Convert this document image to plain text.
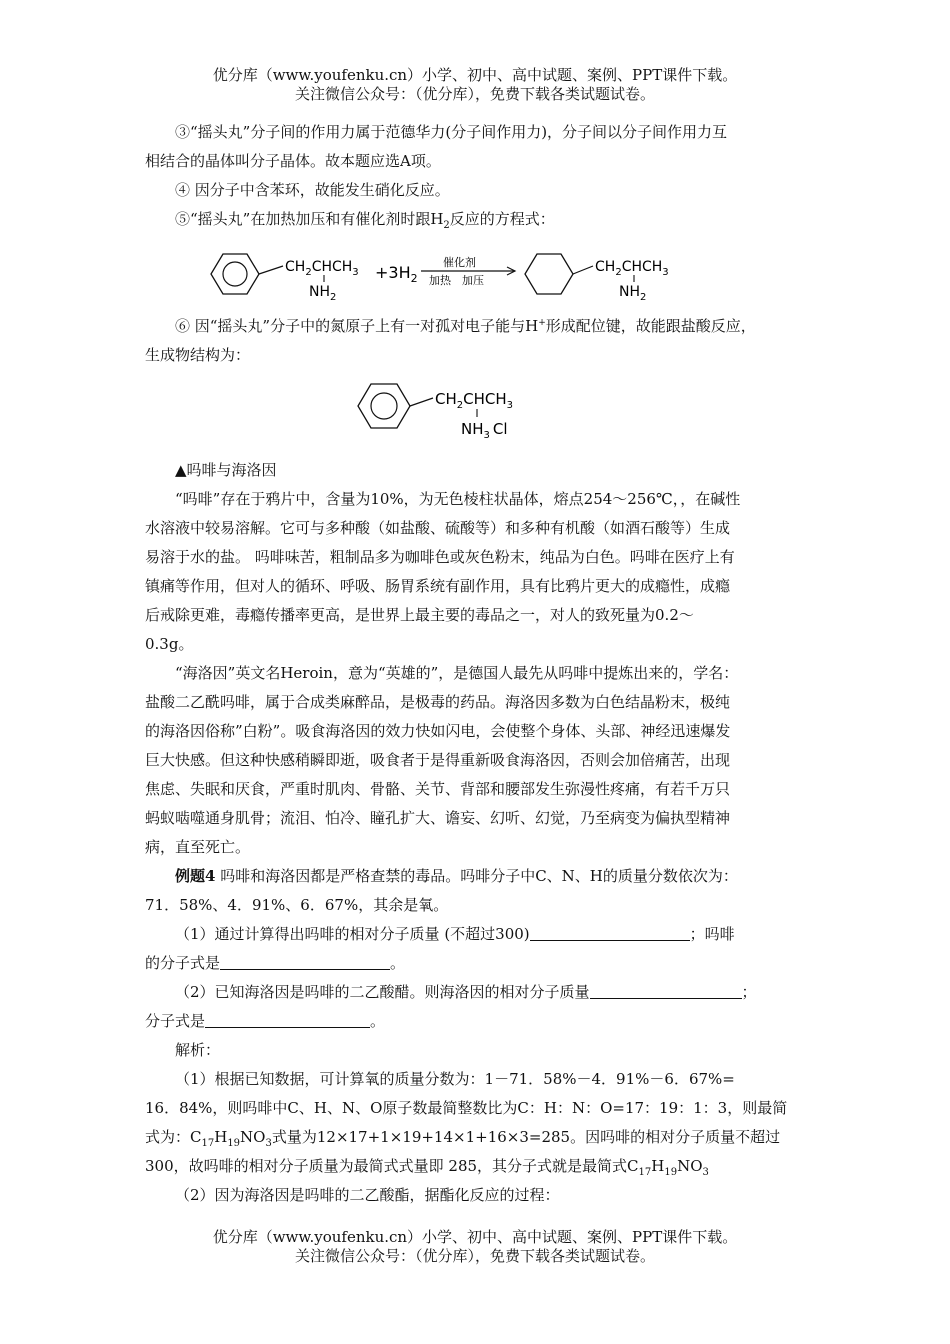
优分库（www.youfenku.cn）小学、初中、高中试题、案例、PPT课件下载。
关注微信公众号：（优分库），免费下载各类试题试卷。

③“摇头丸”分子间的作用力属于范德华力(分子间作用力)，分子间以分子间作用力互

相结合的晶体叫分子晶体。故本题应选A项。

④ 因分子中含苯环，故能发生硝化反应。

⑤“摇头丸”在加热加压和有催化剂时跟$H_2$反应的方程式：

$CH_2CHCH_3$
$NH_2$
$+3H_2$
催化剂
加热　加压
$CH_2CHCH_3$
$NH_2$

⑥ 因“摇头丸”分子中的氮原子上有一对孤对电子能与H+形成配位键，故能跟盐酸反应，

生成物结构为：

$CH_2CHCH_3$
$NH_3$ Cl

▲吗啡与海洛因

“吗啡”存在于鸦片中，含量为10%，为无色棱柱状晶体，熔点254～256℃，，在碱性

水溶液中较易溶解。它可与多种酸（如盐酸、硫酸等）和多种有机酸（如酒石酸等）生成

易溶于水的盐。 吗啡味苦，粗制品多为咖啡色或灰色粉末，纯品为白色。吗啡在医疗上有

镇痛等作用，但对人的循环、呼吸、肠胃系统有副作用，具有比鸦片更大的成瘾性，成瘾

后戒除更难，毒瘾传播率更高，是世界上最主要的毒品之一，对人的致死量为0.2～

0.3g。

“海洛因”英文名Heroin，意为“英雄的”，是德国人最先从吗啡中提炼出来的，学名：

盐酸二乙酰吗啡，属于合成类麻醉品，是极毒的药品。海洛因多数为白色结晶粉末，极纯

的海洛因俗称”白粉”。吸食海洛因的效力快如闪电，会使整个身体、头部、神经迅速爆发

巨大快感。但这种快感稍瞬即逝，吸食者于是得重新吸食海洛因，否则会加倍痛苦，出现

焦虑、失眠和厌食，严重时肌肉、骨骼、关节、背部和腰部发生弥漫性疼痛，有若千万只

蚂蚁啮噬通身肌骨；流泪、怕冷、瞳孔扩大、谵妄、幻听、幻觉，乃至病变为偏执型精神

病，直至死亡。

例题4 吗啡和海洛因都是严格查禁的毒品。吗啡分子中C、N、H的质量分数依次为：

71．58%、4．91%、6．67%，其余是氧。

（1）通过计算得出吗啡的相对分子质量 (不超过300)	；吗啡

的分子式是	。

（2）已知海洛因是吗啡的二乙酸醋。则海洛因的相对分子质量	；

分子式是	。

解析：

（1）根据已知数据，可计算氧的质量分数为：1－71．58%－4．91%－6．67%=

16．84%，则吗啡中C、H、N、O原子数最简整数比为C：H：N：O=17：19：1：3，则最简

式为：$C_{17}H_{19}NO_3$式量为12×17+1×19+14×1+16×3=285。因吗啡的相对分子质量不超过

300，故吗啡的相对分子质量为最简式式量即 285，其分子式就是最简式$C_{17}H_{19}NO_3$

（2）因为海洛因是吗啡的二乙酸酯，据酯化反应的过程：

优分库（www.youfenku.cn）小学、初中、高中试题、案例、PPT课件下载。
关注微信公众号：（优分库），免费下载各类试题试卷。
